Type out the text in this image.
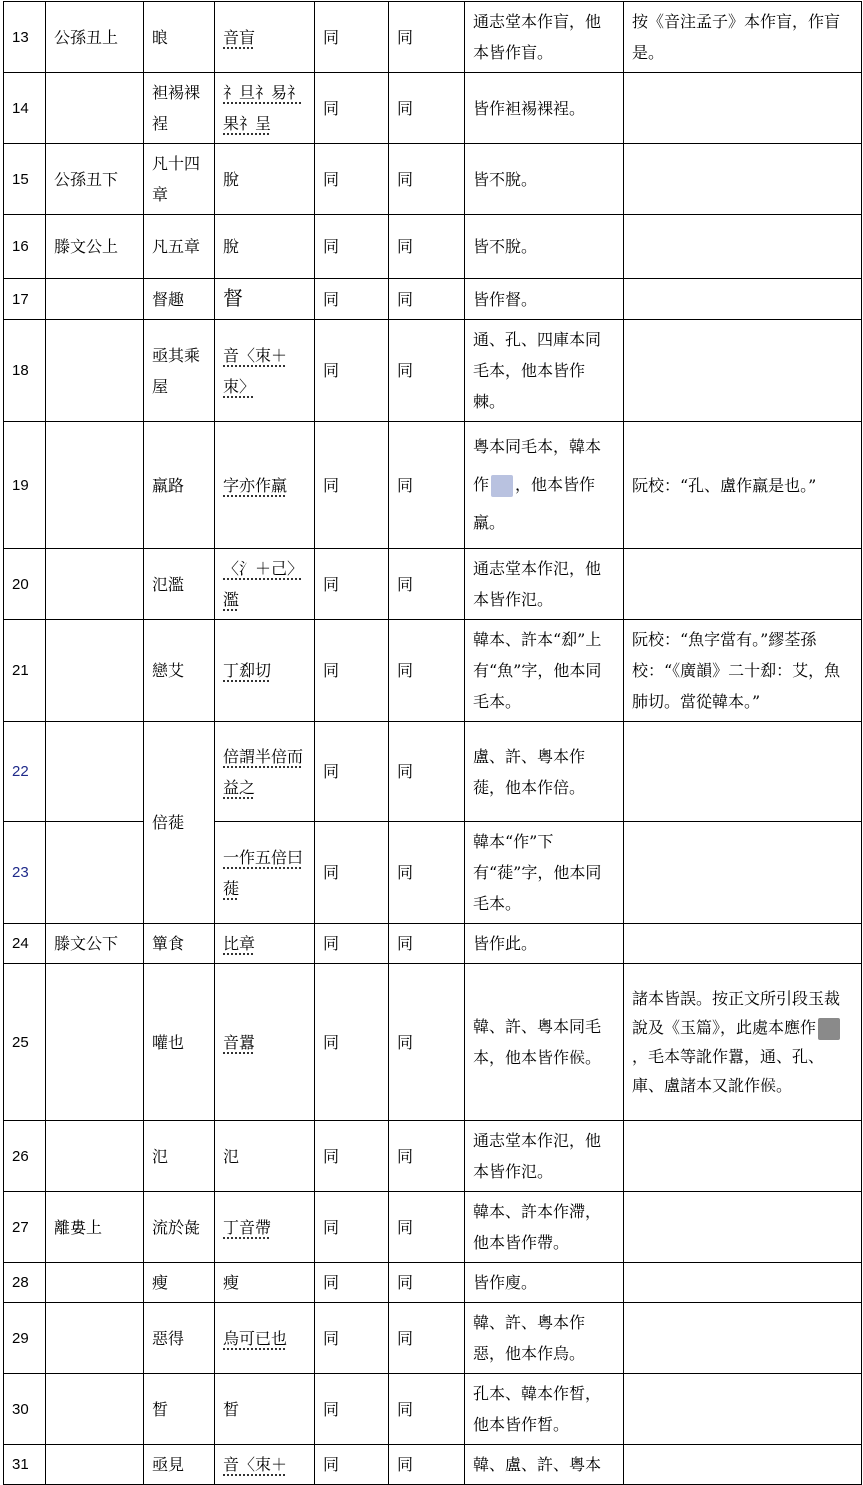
13	公孫丑上	㫰	音盲	同	同	通志堂本作盲，他本皆作盲。	按《音注孟子》本作盲，作盲是。
14		袒裼裸裎	礻旦礻易礻果礻呈	同	同	皆作袒裼裸裎。	
15	公孫丑下	凡十四章	脫	同	同	皆不脫。	
16	滕文公上	凡五章	脫	同	同	皆不脫。	
17		督趣	督	同	同	皆作督。	
18		亟其乘屋	音〈朿＋朿〉	同	同	通、孔、四庫本同毛本，他本皆作棘。	
19		羸路	字亦作羸	同	同	粵本同毛本，韓本作 ，他本皆作羸。	阮校：“孔、盧作羸是也。”
20		氾濫	〈氵＋己〉濫	同	同	通志堂本作氾，他本皆作氾。	
21		戀艾	丁㕁切	同	同	韓本、許本“㕁”上有“魚”字，他本同毛本。	阮校：“魚字當有。”繆荃孫校：“《廣韻》二十㕁：艾，魚肺切。當從韓本。”
22		倍蓰	倍謂半倍而益之	同	同	盧、許、粵本作蓰，他本作倍。	
23			一作五倍曰蓰	同	同	韓本“作”下有“蓰”字，他本同毛本。	
24	滕文公下	簞食	比章	同	同	皆作此。	
25		嚾也	音囂	同	同	韓、許、粵本同毛本，他本皆作𠋫。	諸本皆誤。按正文所引段玉裁說及《玉篇》，此處本應作，毛本等訛作囂，通、孔、庫、盧諸本又訛作𠋫。
26		氾	氾	同	同	通志堂本作氾，他本皆作氾。	
27	離婁上	流於彘	丁音帶	同	同	韓本、許本作滯，他本皆作帶。	
28		瘦	瘦	同	同	皆作廋。	
29		惡得	烏可已也	同	同	韓、許、粵本作惡，他本作烏。	
30		晳	晳	同	同	孔本、韓本作晳，他本皆作晳。	
31		亟見	音〈朿＋	同	同	韓、盧、許、粵本	
